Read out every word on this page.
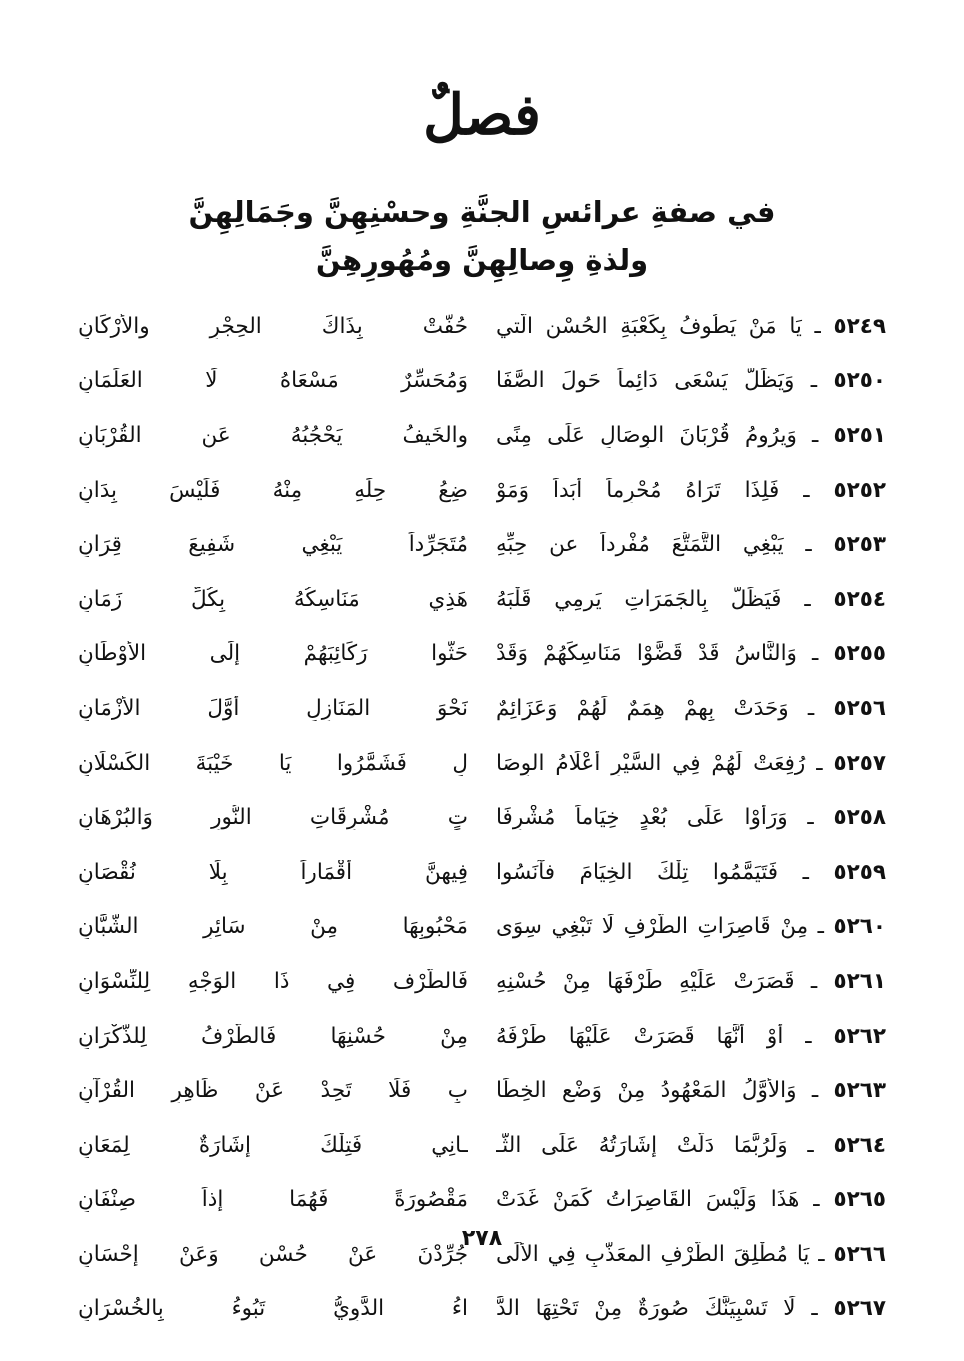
فصلٌ
في صفةِ عرائسِ الجنَّةِ وحسْنِهِنَّ وجَمَالِهِنَّ
ولذةِ وِصالِهِنَّ ومُهُورِهِنَّ
٥٢٤٩ ـ يَا مَنْ يَطُوفُ بِكَعْبَةِ الحُسْنِ الَّتي
حُفَّتْ بِذَاكَ الحِجْرِ والأَرْكَانِ
٥٢٥٠ ـ وَيَظَلُّ يَسْعَى دَائِماً حَولَ الصَّفَا
وَمُحَسِّرٌ مَسْعَاهُ لَا العَلَمَانِ
٥٢٥١ ـ وَيرُومُ قُرْبَانَ الوِصَالِ عَلَى مِنًى
والخَيفُ يَحْجُبُهُ عَنِ القُرْبَانِ
٥٢٥٢ ـ فَلِذَا تَرَاهُ مُحْرِماً أبَداً وَمَوْ
ضِعُ حِلِّهِ مِنْهُ فَلَيْسَ بِدَانِ
٥٢٥٣ ـ يَبْغِي التَّمَتُّعَ مُفْرداً عن حِبِّهِ
مُتَجَرِّداً يَبْغِي شَفِيعَ قِرَانِ
٥٢٥٤ ـ فَيَظَلُّ بِالجَمَرَاتِ يَرمِي قَلْبَهُ
هَذِي مَنَاسِكُهُ بِكُلِّ زَمَانِ
٥٢٥٥ ـ وَالنَّاسُ قَدْ قَضَّوْا مَنَاسِكَهُمْ وَقَدْ
حَثُّوا رَكَائِبَهُمْ إِلَى الأَوْطَانِ
٥٢٥٦ ـ وَحَدَتْ بِهِمْ هِمَمٌ لَهُمْ وَعَزَائِمٌ
نَحْوَ المَنَازِلِ أَوَّلَ الأَزْمَانِ
٥٢٥٧ ـ رُفِعَتْ لَهُمْ فِي السَّيْرِ أعْلَامُ الوِصَا
لِ فَشَمَّرُوا يَا خَيْبَةَ الكَسْلَانِ
٥٢٥٨ ـ وَرَأَوْا عَلَى بُعْدٍ خِيَاماً مُشْرِفَا
تٍ مُشْرِقَاتِ النُّورِ وَالبُرْهَانِ
٥٢٥٩ ـ فَتَيَمَّمُوا تِلْكَ الخِيَامَ فآنَسُوا
فِيهِنَّ أقْمَاراً بِلَا نُقْصَانِ
٥٢٦٠ ـ مِنْ قَاصِرَاتِ الطَّرْفِ لَا تَبْغِي سِوَى
مَحْبُوبِهَا مِنْ سَائِرِ الشُّبَّانِ
٥٢٦١ ـ قَصَرَتْ عَلَيْهِ طَرْفَهَا مِنْ حُسْنِهِ
فَالطَّرْف فِي ذَا الوَجْهِ لِلنِّسْوَانِ
٥٢٦٢ ـ أَوْ أنَّهَا قَصَرَتْ عَلَيْهَا طَرْفَهُ
مِنْ حُسْنِهَا فَالطَّرْفُ لِلذُّكْرَانِ
٥٢٦٣ ـ وَالأَوَّلُ المَعْهُودُ مِنْ وَضْعِ الخِطَا
بِ فَلَا تَحِدْ عَنْ ظَاهِرِ القُرْآنِ
٥٢٦٤ ـ وَلَرُبَّمَا دَلَّتْ إِشَارَتُهُ عَلَى الثَّـ
ـانِي فَتِلْكَ إِشَارَةٌ لِمَعَانِ
٥٢٦٥ ـ هَذَا وَلَيْسَ القَاصِرَاتُ كَمَنْ غَدَتْ
مَقْصُورَةً فَهُمَا إذاً صِنْفَانِ
٥٢٦٦ ـ يَا مُطْلِقَ الطَّرْفِ المعَذَّبِ فِي الأُلَى
جُرِّدْنَ عَنْ حُسْنٍ وَعَنْ إِحْسَانِ
٥٢٦٧ ـ لَا تَسْبِيَنَّكَ صُورَةٌ مِنْ تَحْتِهَا الدَّ
اءُ الدَّوِيُّ تَبُوءُ بِالخُسْرَانِ
٢٧٨
